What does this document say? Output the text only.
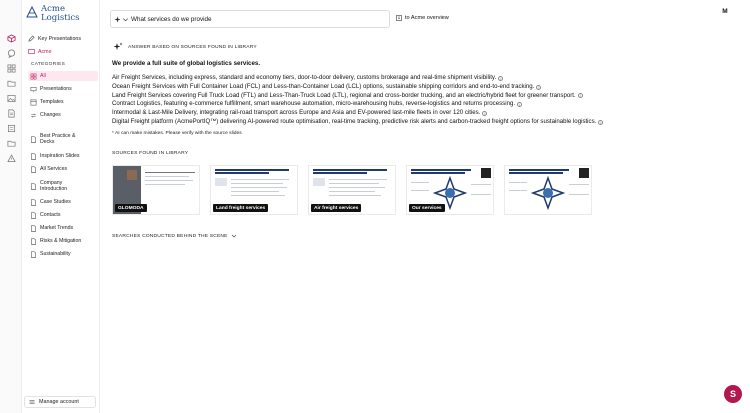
Acme
Logistics
Key Presentations
Acme
CATEGORIES
All
Presentations
Templates
Changes
Best Practice & Decks
Inspiration Slides
All Services
Company Introduction
Case Studies
Contacts
Market Trends
Risks & Mitigation
Sustainability
Manage account
What services do we provide
to Acme overview
M
ANSWER BASED ON SOURCES FOUND IN LIBRARY
We provide a full suite of global logistics services.
Air Freight Services, including express, standard and economy tiers, door-to-door delivery, customs brokerage and real-time shipment visibility.	i
Ocean Freight Services with Full Container Load (FCL) and Less-than-Container Load (LCL) options, sustainable shipping corridors and end-to-end tracking.	i
Land Freight Services covering Full Truck Load (FTL) and Less-Than-Truck Load (LTL), regional and cross-border trucking, and an electric/hybrid fleet for greener transport.	i
Contract Logistics, featuring e-commerce fulfillment, smart warehouse automation, micro-warehousing hubs, reverse-logistics and returns processing.	i
Intermodal & Last-Mile Delivery, integrating rail-road transport across Europe and Asia and EV-powered last-mile fleets in over 120 cities.	i
Digital Freight platform (AcmePortIQ™) delivering AI-powered route optimisation, real-time tracking, predictive risk alerts and carbon-tracked freight options for sustainable logistics.	i
* AI can make mistakes. Please verify with the source slides
SOURCES FOUND IN LIBRARY
GLOMODA	Land freight services	Air freight services	Our services
SEARCHES CONDUCTED BEHIND THE SCENE
S
